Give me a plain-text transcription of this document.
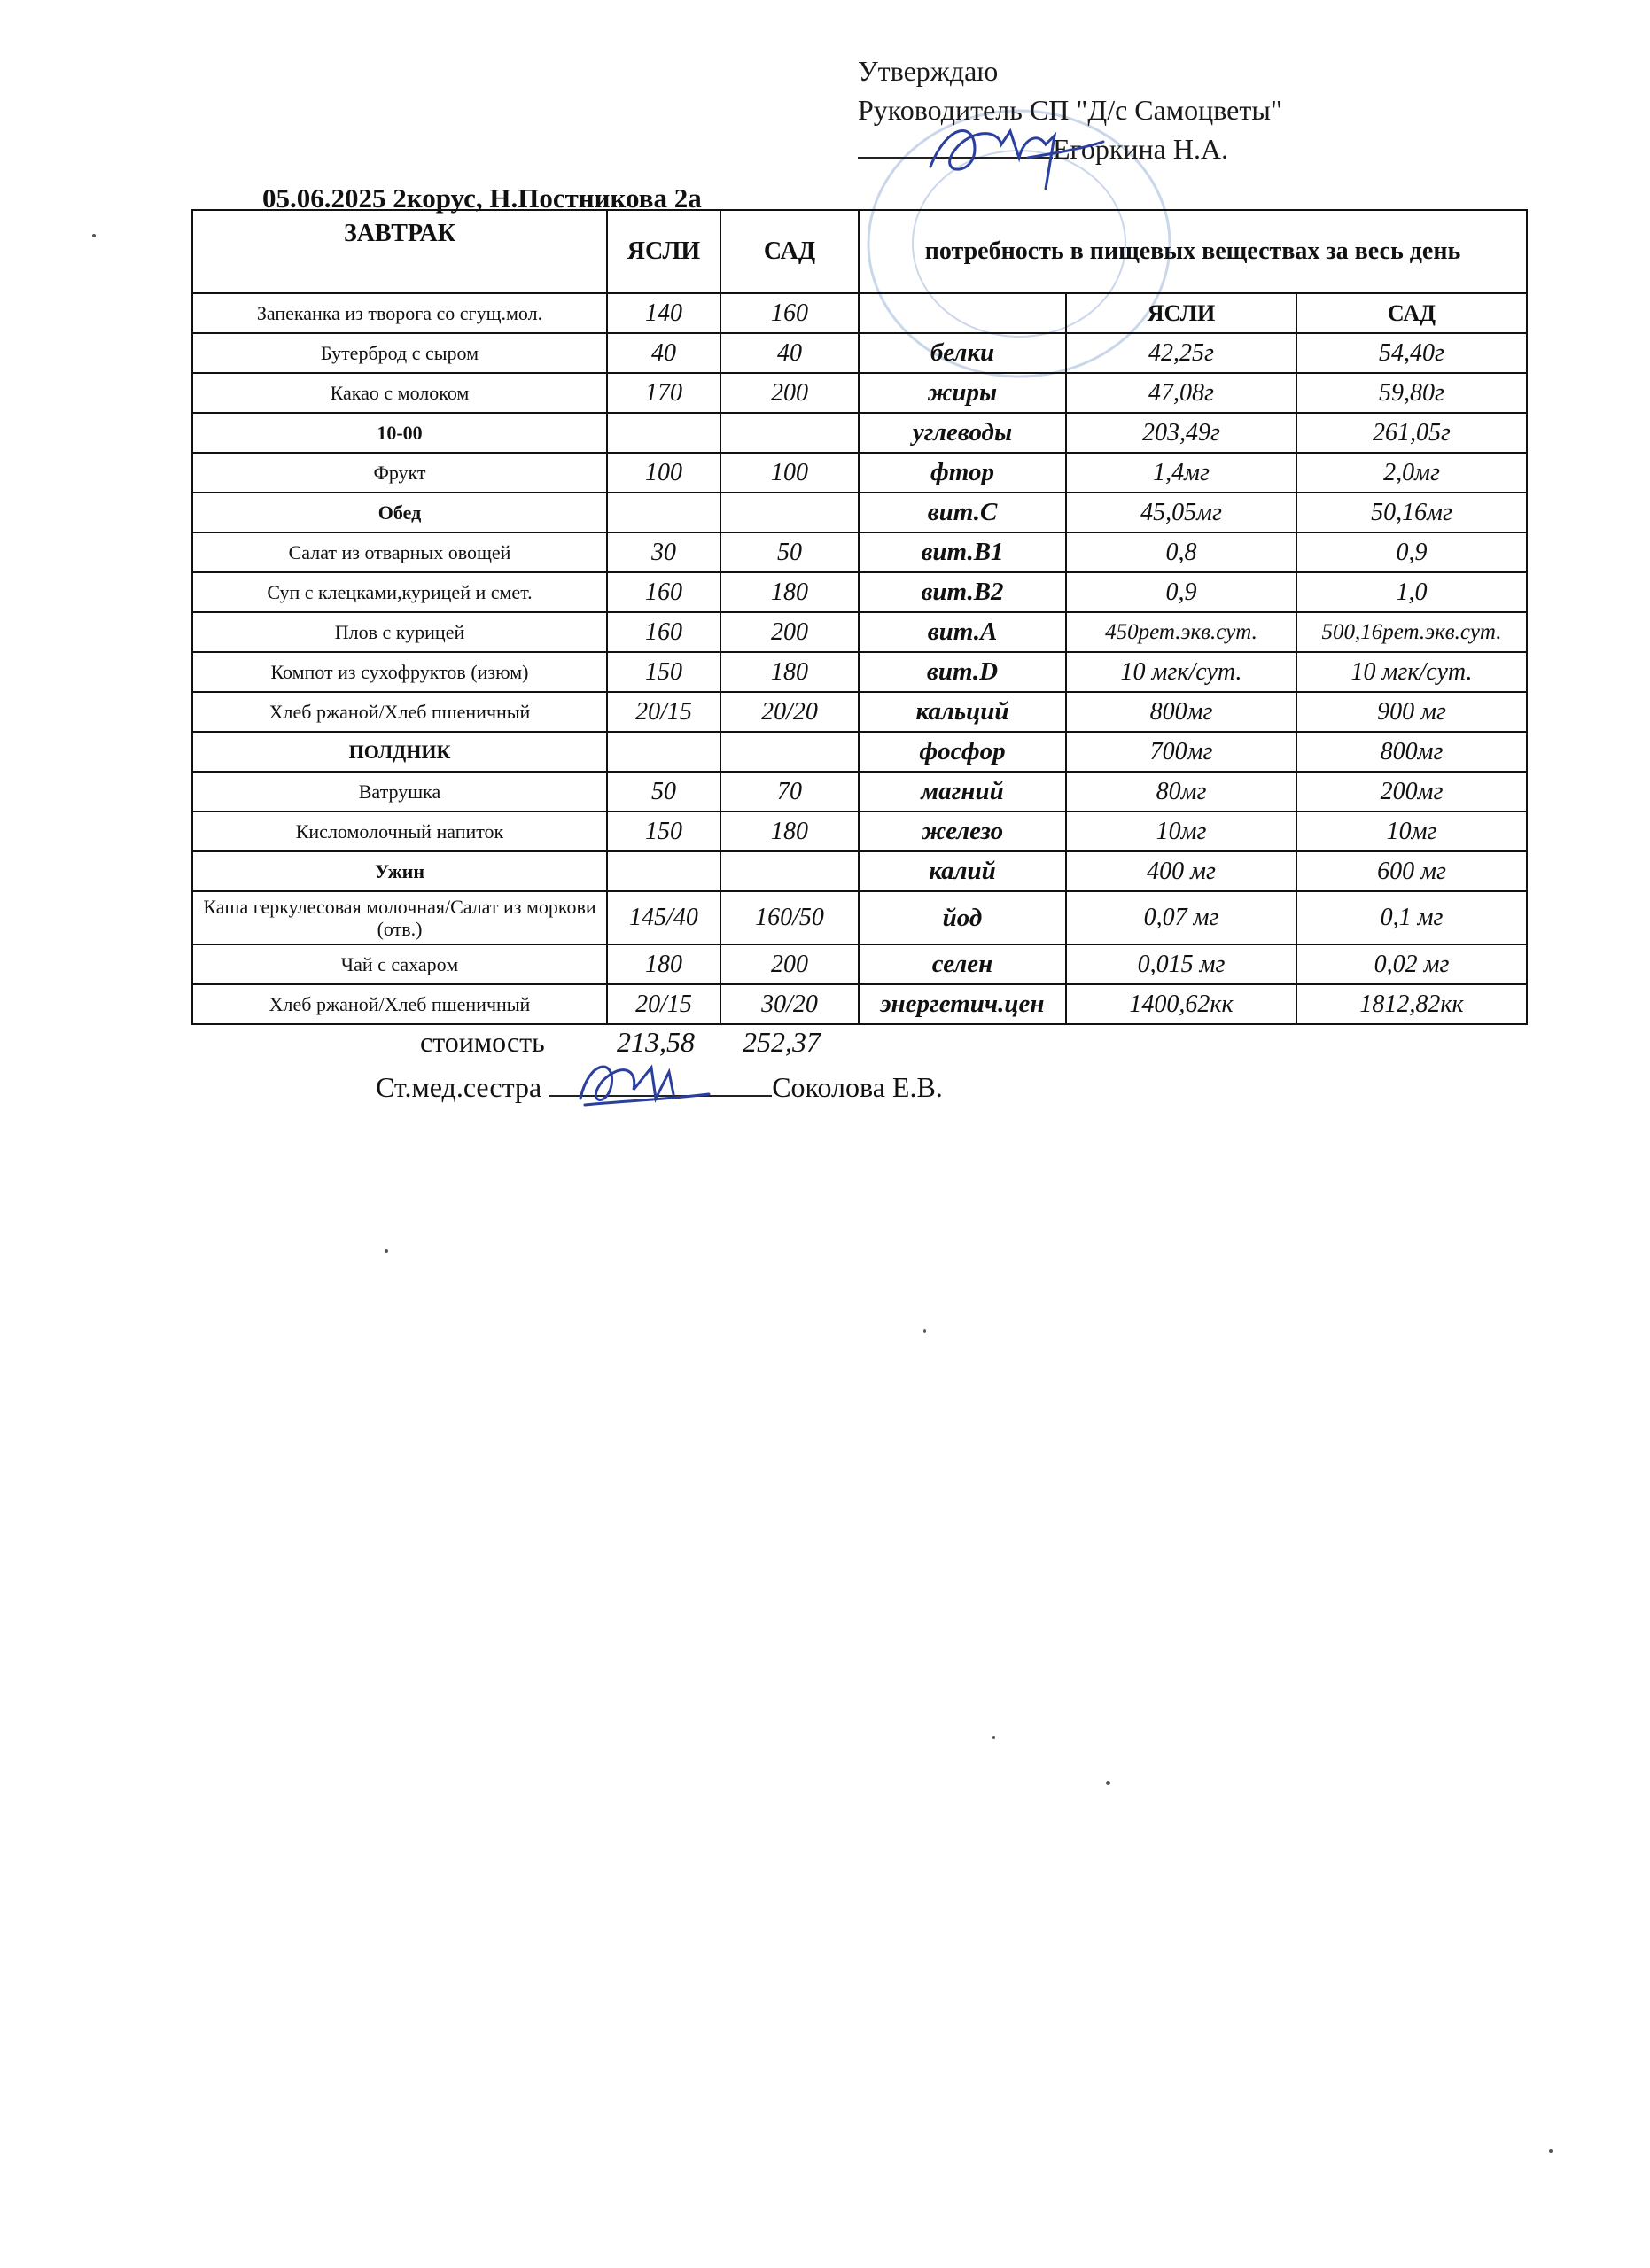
Утверждаю
Руководитель СП "Д/с Самоцветы"
Егоркина Н.А.
05.06.2025 2корус, Н.Постникова 2а
ЗАВТРАК	ЯСЛИ	САД	потребность в пищевых веществах за весь день		
Запеканка из творога со сгущ.мол.	140	160		ЯСЛИ	САД
Бутерброд с сыром	40	40	белки	42,25г	54,40г
Какао с молоком	170	200	жиры	47,08г	59,80г
10-00			углеводы	203,49г	261,05г
Фрукт	100	100	фтор	1,4мг	2,0мг
Обед			вит.С	45,05мг	50,16мг
Салат из отварных овощей	30	50	вит.В1	0,8	0,9
Суп с клецками,курицей и смет.	160	180	вит.В2	0,9	1,0
Плов с курицей	160	200	вит.А	450рет.экв.сут.	500,16рет.экв.сут.
Компот из сухофруктов (изюм)	150	180	вит.D	10 мгк/сут.	10 мгк/сут.
Хлеб ржаной/Хлеб пшеничный	20/15	20/20	кальций	800мг	900 мг
ПОЛДНИК			фосфор	700мг	800мг
Ватрушка	50	70	магний	80мг	200мг
Кисломолочный напиток	150	180	железо	10мг	10мг
Ужин			калий	400 мг	600 мг
Каша геркулесовая молочная/Салат из моркови (отв.)	145/40	160/50	йод	0,07 мг	0,1 мг
Чай с сахаром	180	200	селен	0,015 мг	0,02 мг
Хлеб ржаной/Хлеб пшеничный	20/15	30/20	энергетич.цен	1400,62кк	1812,82кк
стоимость	213,58 252,37
Ст.мед.сестра	Соколова Е.В.
